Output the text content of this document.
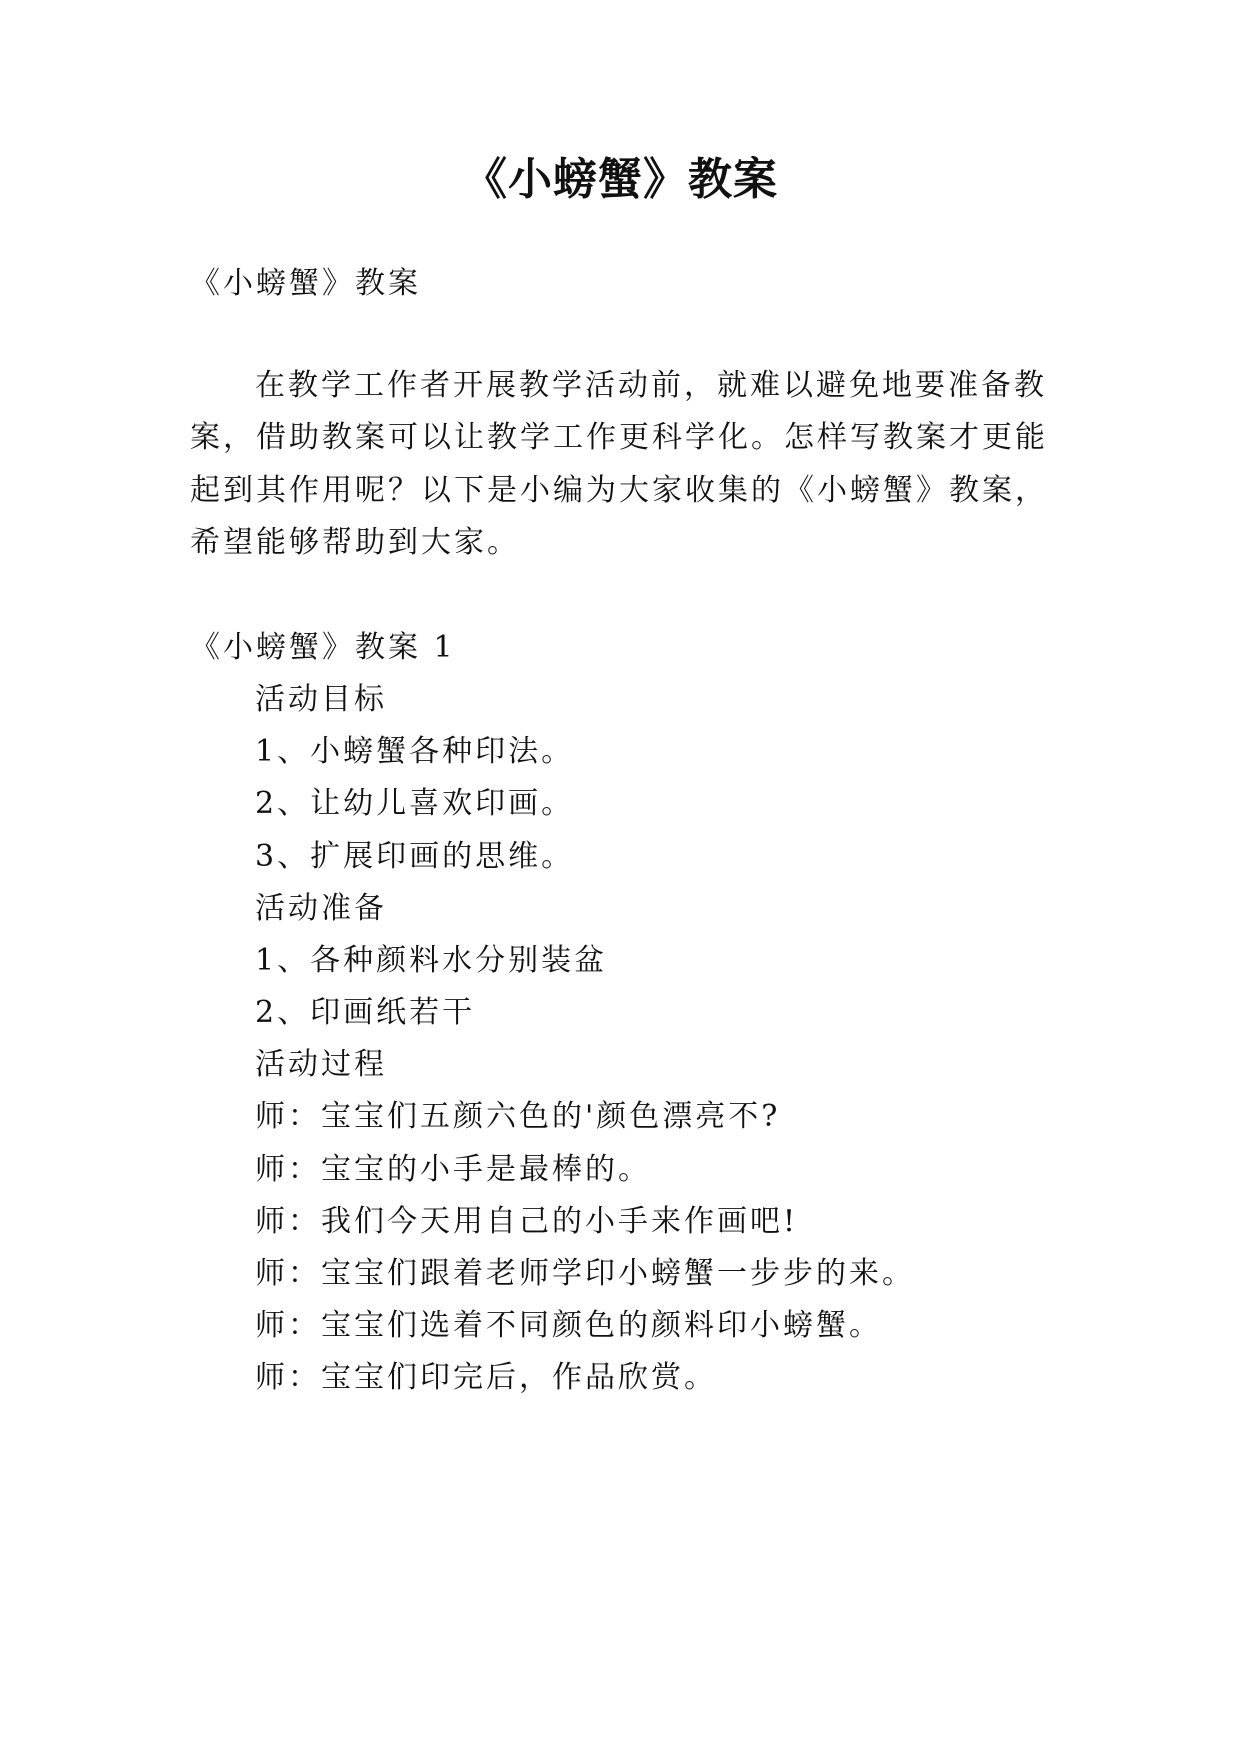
《小螃蟹》教案
《小螃蟹》教案
在教学工作者开展教学活动前，就难以避免地要准备教
案，借助教案可以让教学工作更科学化。怎样写教案才更能
起到其作用呢？以下是小编为大家收集的《小螃蟹》教案，
希望能够帮助到大家。
《小螃蟹》教案 1
活动目标
1、小螃蟹各种印法。
2、让幼儿喜欢印画。
3、扩展印画的思维。
活动准备
1、各种颜料水分别装盆
2、印画纸若干
活动过程
师：宝宝们五颜六色的'颜色漂亮不?
师：宝宝的小手是最棒的。
师：我们今天用自己的小手来作画吧!
师：宝宝们跟着老师学印小螃蟹一步步的来。
师：宝宝们选着不同颜色的颜料印小螃蟹。
师：宝宝们印完后，作品欣赏。
